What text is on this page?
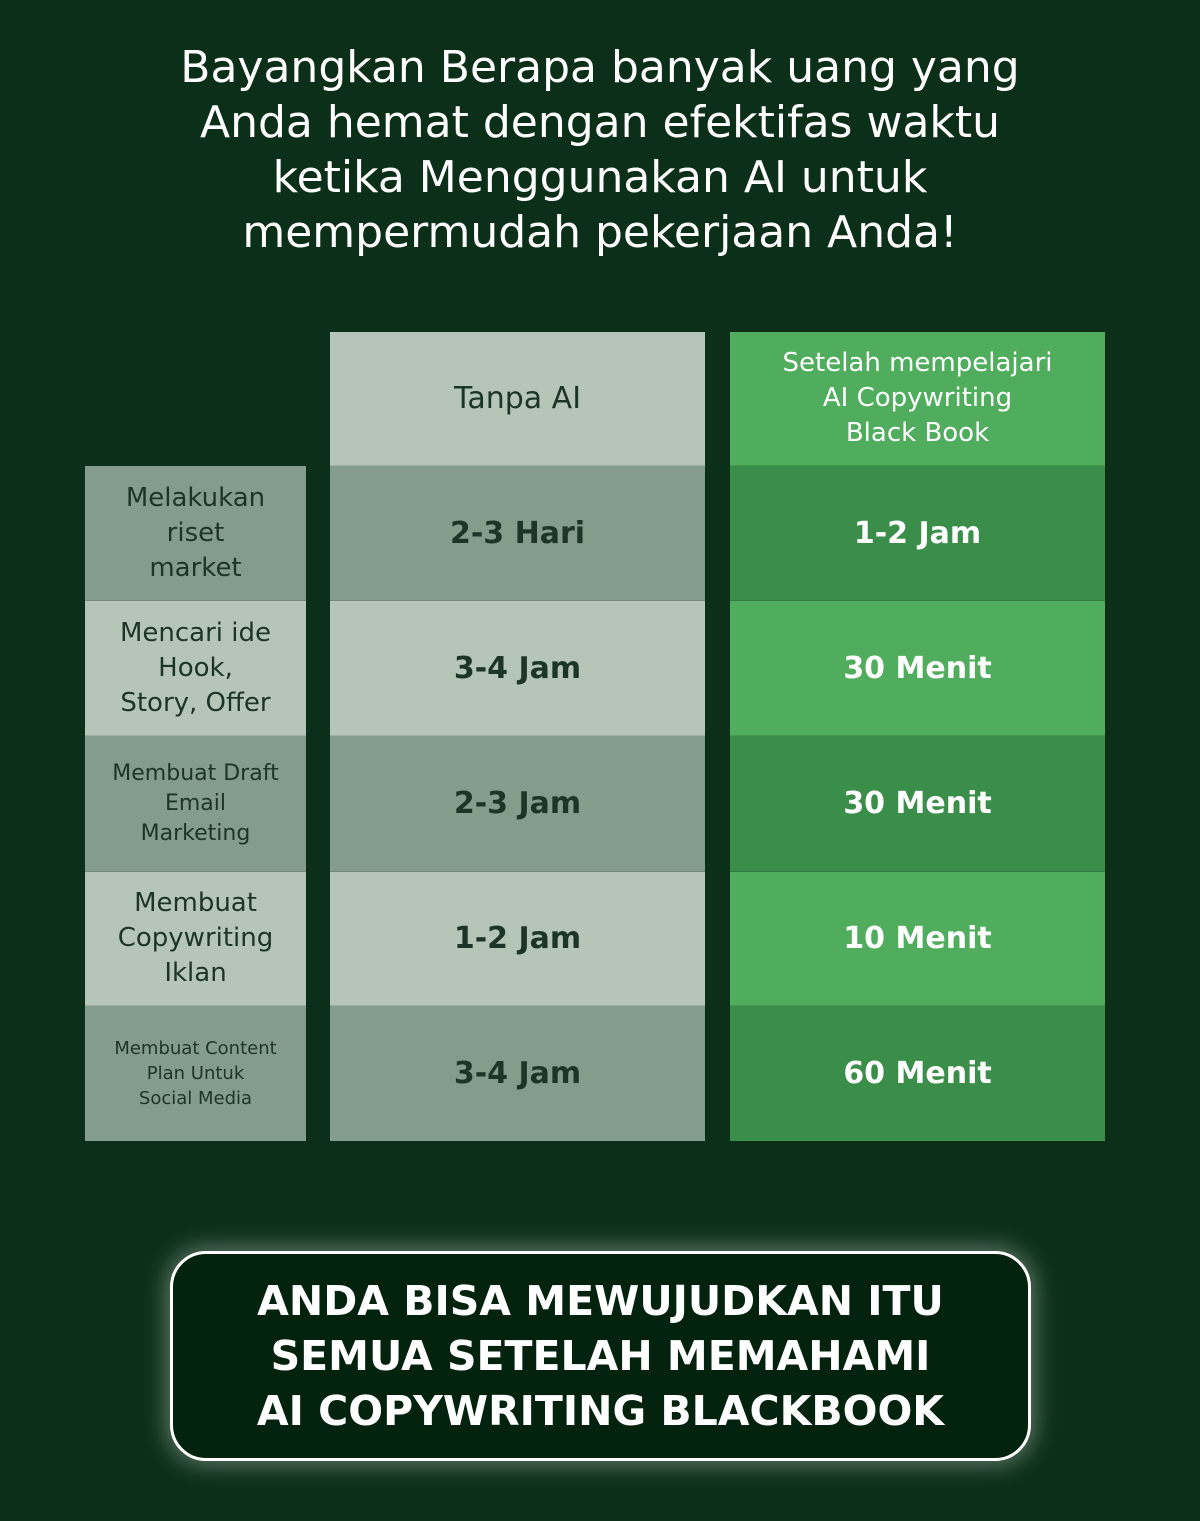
Bayangkan Berapa banyak uang yang
Anda hemat dengan efektifas waktu
ketika Menggunakan AI untuk
mempermudah pekerjaan Anda!
Melakukan
riset
market
Mencari ide
Hook,
Story, Offer
Membuat Draft
Email
Marketing
Membuat
Copywriting
Iklan
Membuat Content
Plan Untuk
Social Media
Tanpa AI
2-3 Hari
3-4 Jam
2-3 Jam
1-2 Jam
3-4 Jam
Setelah mempelajari
AI Copywriting
Black Book
1-2 Jam
30 Menit
30 Menit
10 Menit
60 Menit

ANDA BISA MEWUJUDKAN ITU
SEMUA SETELAH MEMAHAMI
AI COPYWRITING BLACKBOOK
